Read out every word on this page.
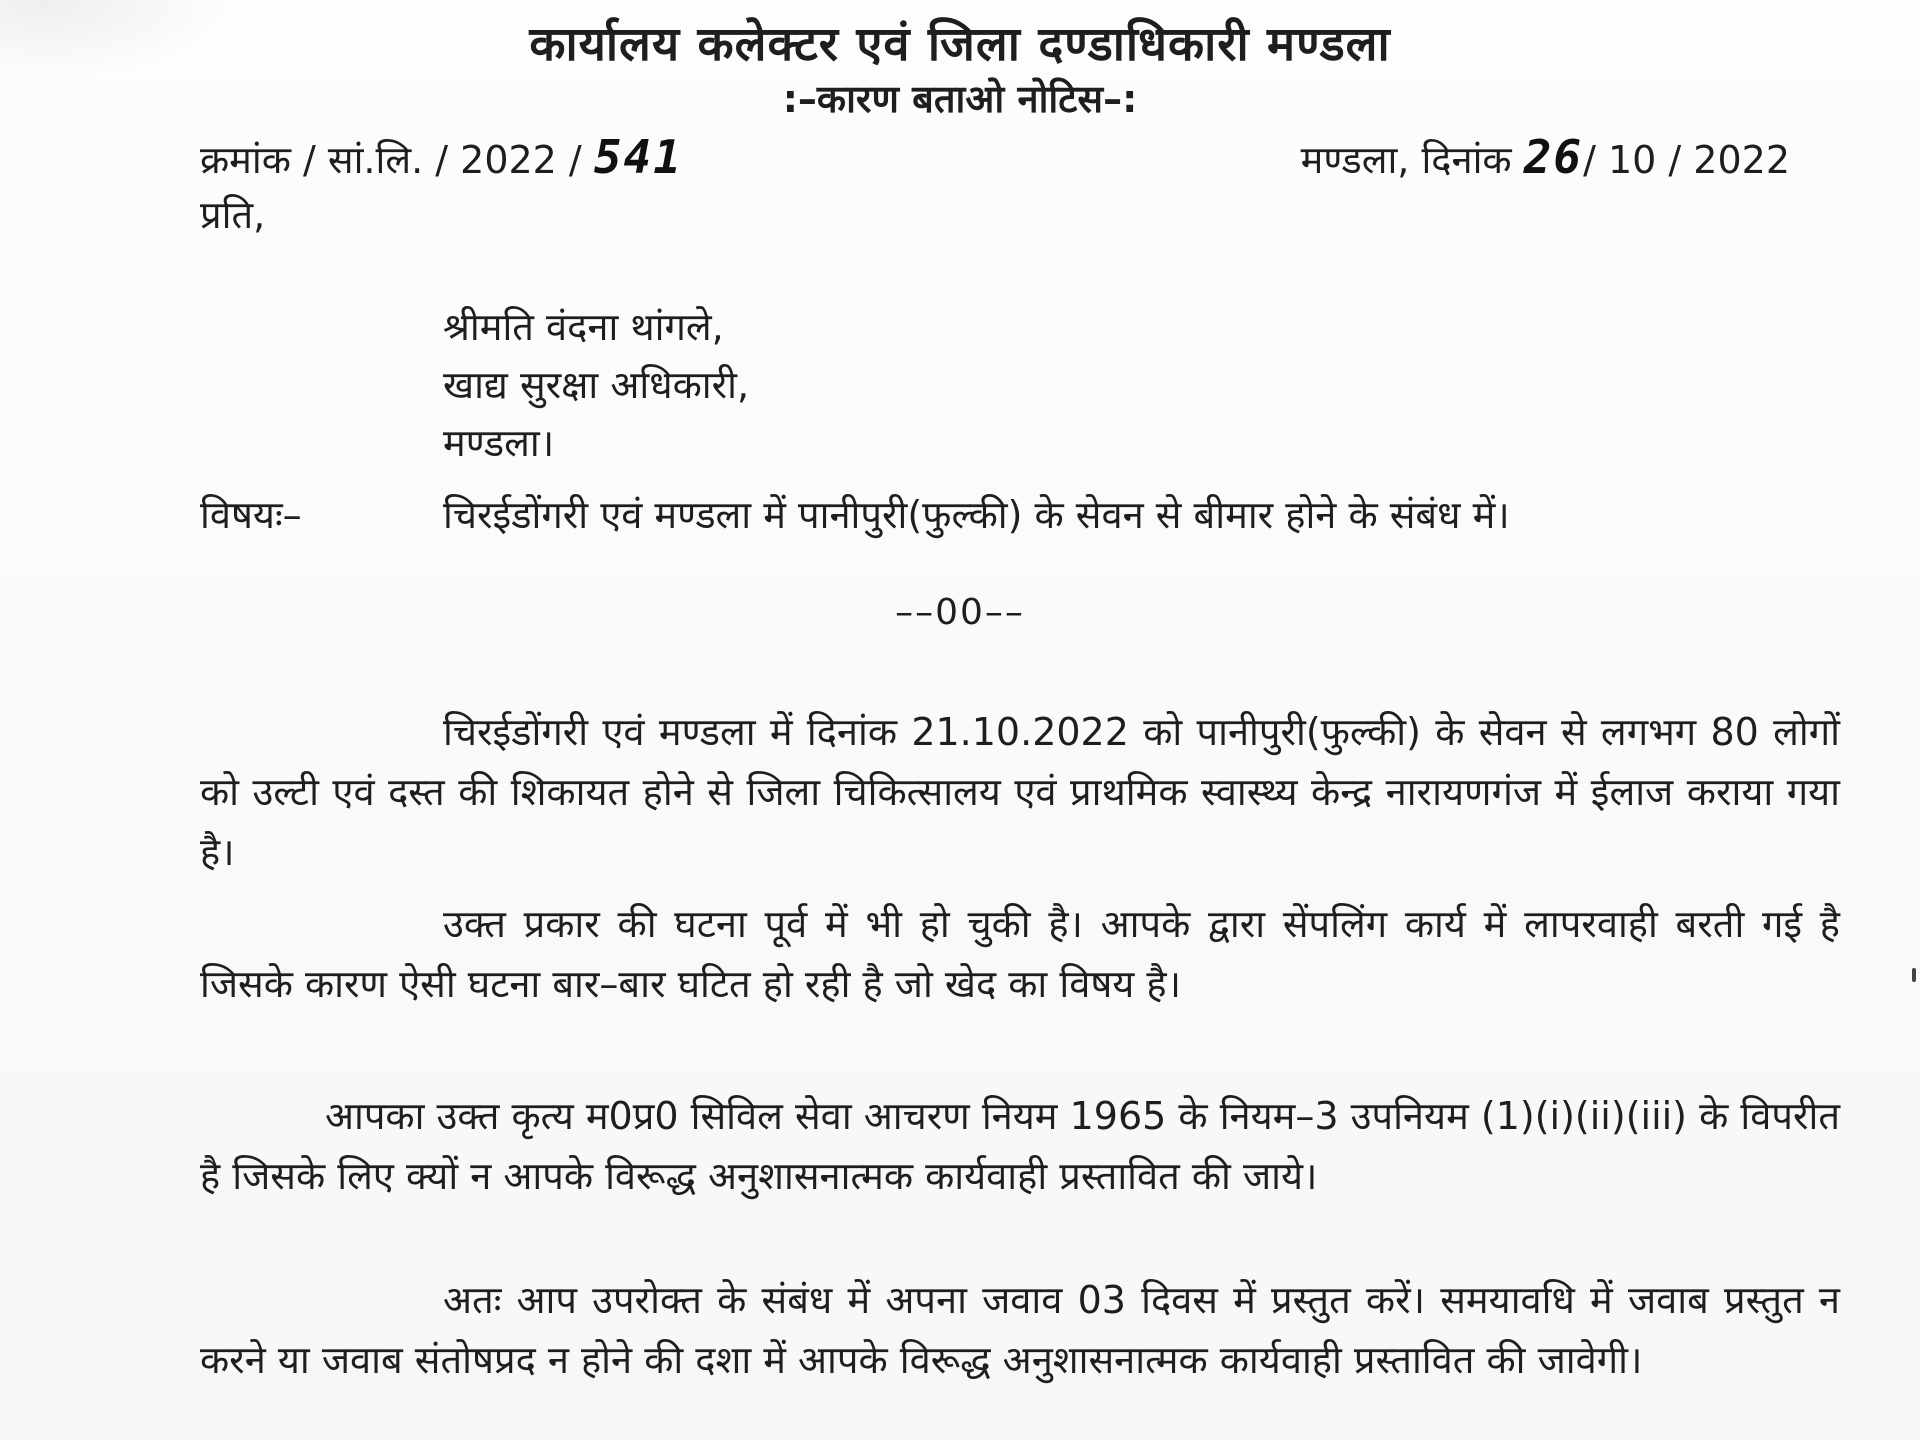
कार्यालय कलेक्टर एवं जिला दण्डाधिकारी मण्डला
:–कारण बताओ नोटिस–:
क्रमांक / सां.लि. / 2022 / 541	मण्डला, दिनांक 26/ 10 / 2022
प्रति,
श्रीमति वंदना थांगले,
खाद्य सुरक्षा अधिकारी,
मण्डला।
विषयः–	चिरईडोंगरी एवं मण्डला में पानीपुरी(फुल्की) के सेवन से बीमार होने के संबंध में।
––00––
चिरईडोंगरी एवं मण्डला में दिनांक 21.10.2022 को पानीपुरी(फुल्की) के सेवन से लगभग 80 लोगों को उल्टी एवं दस्त की शिकायत होने से जिला चिकित्सालय एवं प्राथमिक स्वास्थ्य केन्द्र नारायणगंज में ईलाज कराया गया है।
उक्त प्रकार की घटना पूर्व में भी हो चुकी है। आपके द्वारा सेंपलिंग कार्य में लापरवाही बरती गई है जिसके कारण ऐसी घटना बार–बार घटित हो रही है जो खेद का विषय है।
आपका उक्त कृत्य म0प्र0 सिविल सेवा आचरण नियम 1965 के नियम–3 उपनियम (1)(i)(ii)(iii) के विपरीत है जिसके लिए क्यों न आपके विरूद्ध अनुशासनात्मक कार्यवाही प्रस्तावित की जाये।
अतः आप उपरोक्त के संबंध में अपना जवाव 03 दिवस में प्रस्तुत करें। समयावधि में जवाब प्रस्तुत न करने या जवाब संतोषप्रद न होने की दशा में आपके विरूद्ध अनुशासनात्मक कार्यवाही प्रस्तावित की जावेगी।
